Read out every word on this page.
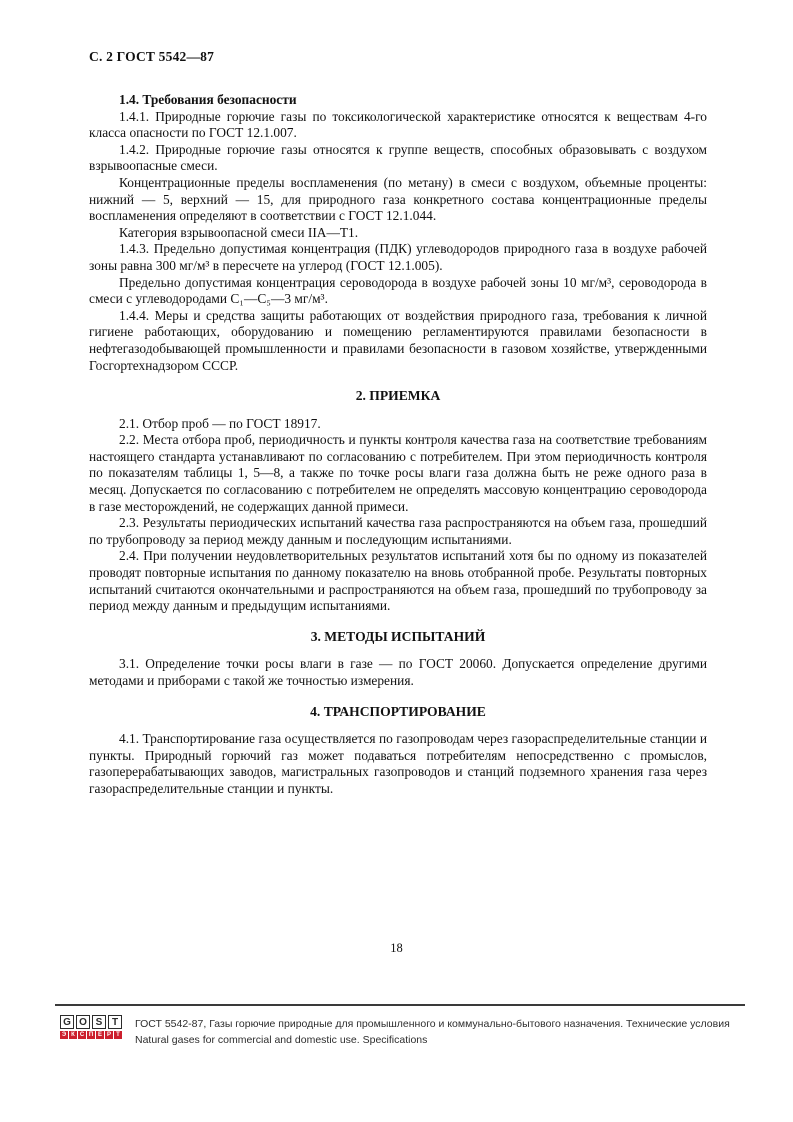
С. 2 ГОСТ 5542—87

1.4. Требования безопасности

1.4.1. Природные горючие газы по токсикологической характеристике относятся к веществам 4-го класса опасности по ГОСТ 12.1.007.

1.4.2. Природные горючие газы относятся к группе веществ, способных образовывать с воздухом взрывоопасные смеси.

Концентрационные пределы воспламенения (по метану) в смеси с воздухом, объемные проценты: нижний — 5, верхний — 15, для природного газа конкретного состава концентрационные пределы воспламенения определяют в соответствии с ГОСТ 12.1.044.

Категория взрывоопасной смеси IIА—Т1.

1.4.3. Предельно допустимая концентрация (ПДК) углеводородов природного газа в воздухе рабочей зоны равна 300 мг/м³ в пересчете на углерод (ГОСТ 12.1.005).

Предельно допустимая концентрация сероводорода в воздухе рабочей зоны 10 мг/м³, сероводорода в смеси с углеводородами С₁—С₅—3 мг/м³.

1.4.4. Меры и средства защиты работающих от воздействия природного газа, требования к личной гигиене работающих, оборудованию и помещению регламентируются правилами безопасности в нефтегазодобывающей промышленности и правилами безопасности в газовом хозяйстве, утвержденными Госгортехнадзором СССР.

2. ПРИЕМКА

2.1. Отбор проб — по ГОСТ 18917.

2.2. Места отбора проб, периодичность и пункты контроля качества газа на соответствие требованиям настоящего стандарта устанавливают по согласованию с потребителем. При этом периодичность контроля по показателям таблицы 1, 5—8, а также по точке росы влаги газа должна быть не реже одного раза в месяц. Допускается по согласованию с потребителем не определять массовую концентрацию сероводорода в газе месторождений, не содержащих данной примеси.

2.3. Результаты периодических испытаний качества газа распространяются на объем газа, прошедший по трубопроводу за период между данным и последующим испытаниями.

2.4. При получении неудовлетворительных результатов испытаний хотя бы по одному из показателей проводят повторные испытания по данному показателю на вновь отобранной пробе. Результаты повторных испытаний считаются окончательными и распространяются на объем газа, прошедший по трубопроводу за период между данным и предыдущим испытаниями.

3. МЕТОДЫ ИСПЫТАНИЙ

3.1. Определение точки росы влаги в газе — по ГОСТ 20060. Допускается определение другими методами и приборами с такой же точностью измерения.

4. ТРАНСПОРТИРОВАНИЕ

4.1. Транспортирование газа осуществляется по газопроводам через газораспределительные станции и пункты. Природный горючий газ может подаваться потребителям непосредственно с промыслов, газоперерабатывающих заводов, магистральных газопроводов и станций подземного хранения газа через газораспределительные станции и пункты.

18
G O S T
Э К С П Е Р Т
ГОСТ 5542-87, Газы горючие природные для промышленного и коммунально-бытового назначения. Технические условия
Natural gases for commercial and domestic use. Specifications
